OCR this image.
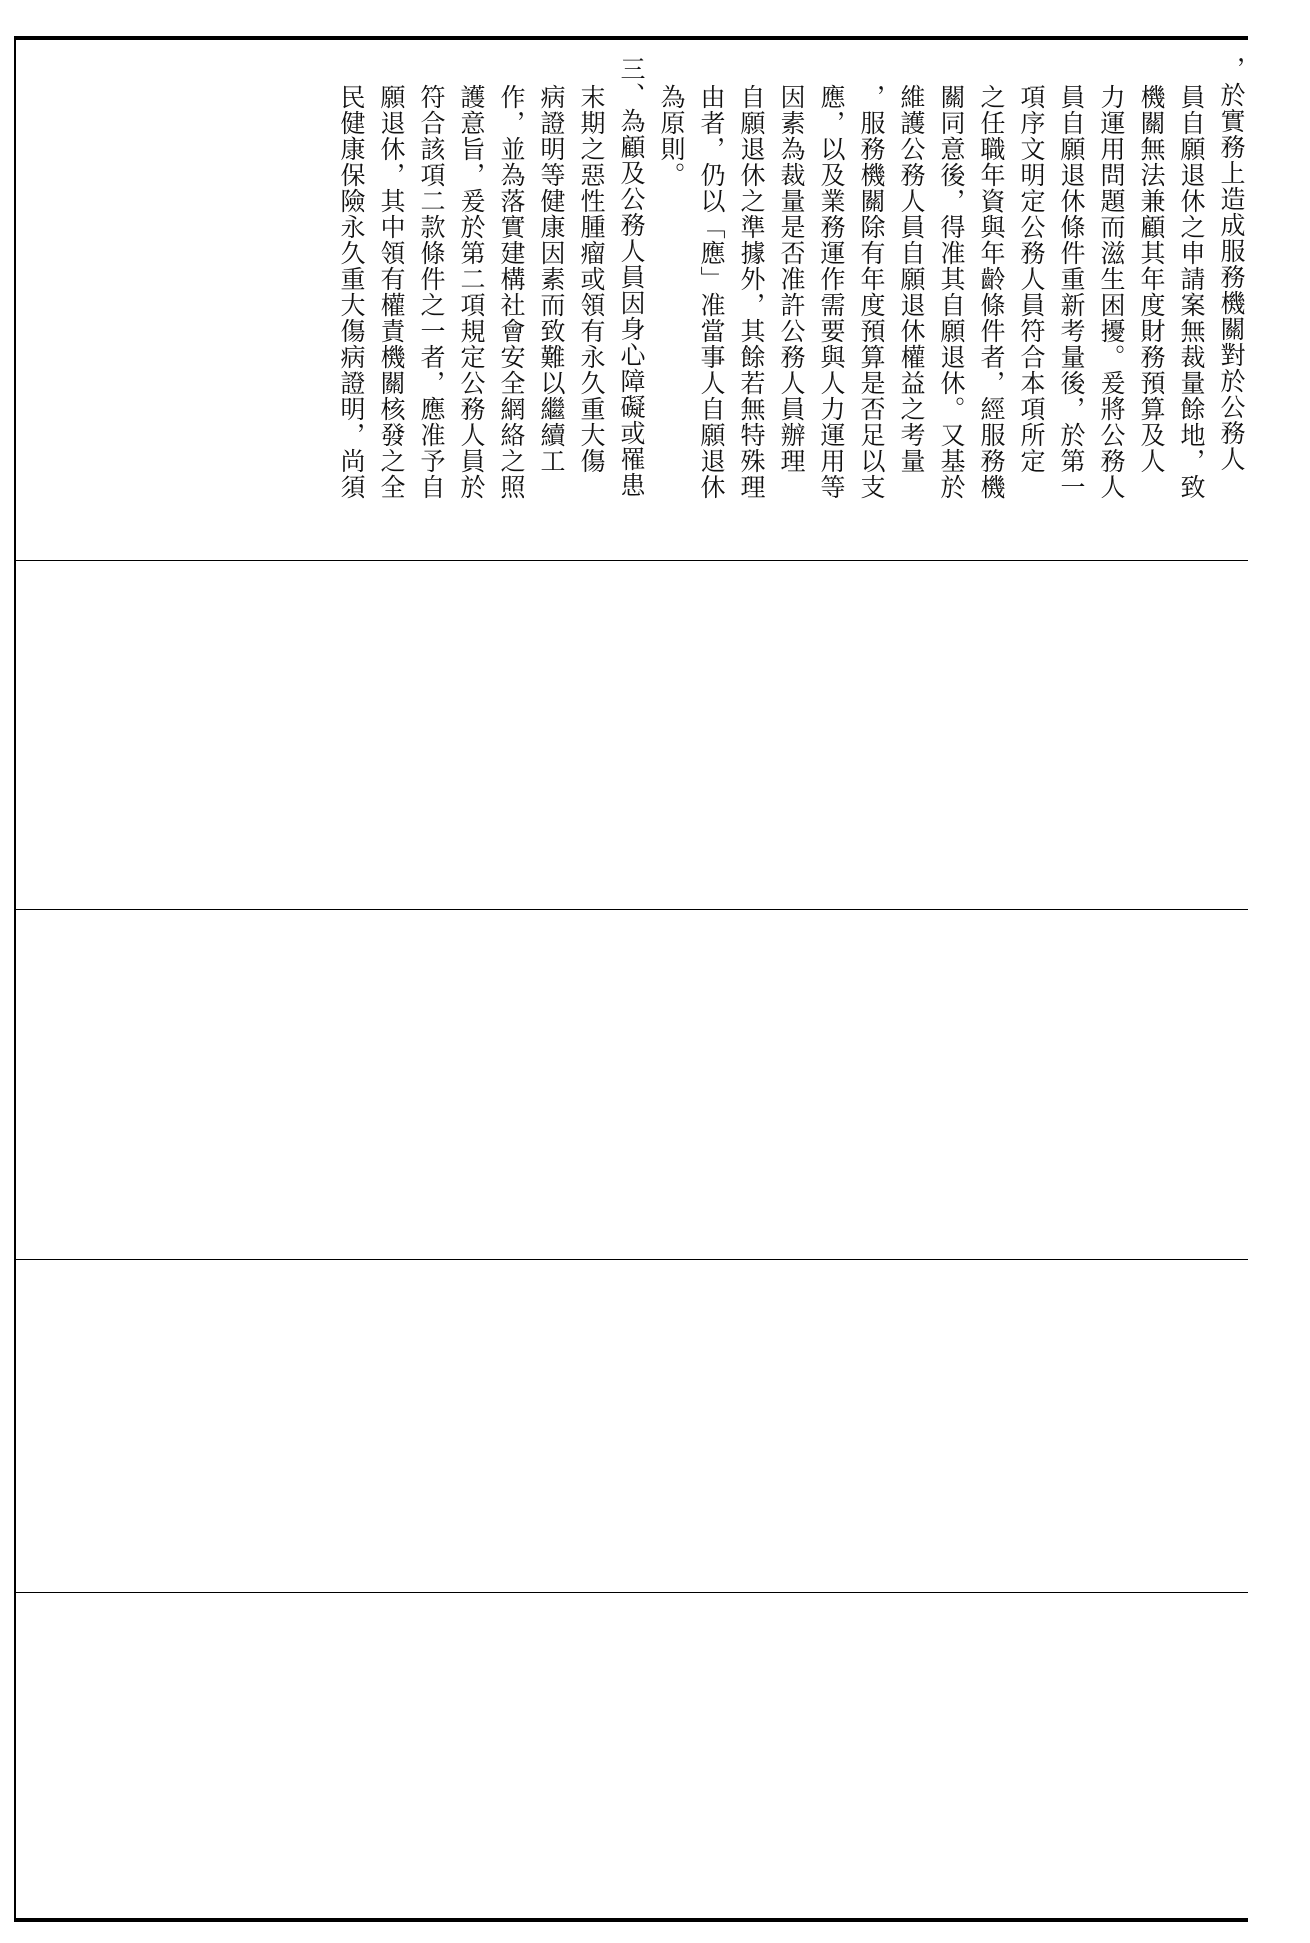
，於實務上造成服務機關對於公務人
員自願退休之申請案無裁量餘地，致
機關無法兼顧其年度財務預算及人
力運用問題而滋生困擾。爰將公務人
員自願退休條件重新考量後，於第一
項序文明定公務人員符合本項所定
之任職年資與年齡條件者，經服務機
關同意後，得准其自願退休。又基於
維護公務人員自願退休權益之考量
，服務機關除有年度預算是否足以支
應，以及業務運作需要與人力運用等
因素為裁量是否准許公務人員辦理
自願退休之準據外，其餘若無特殊理
由者，仍以「應」准當事人自願退休
為原則。
三、為顧及公務人員因身心障礙或罹患
末期之惡性腫瘤或領有永久重大傷
病證明等健康因素而致難以繼續工
作，並為落實建構社會安全網絡之照
護意旨，爰於第二項規定公務人員於
符合該項二款條件之一者，應准予自
願退休，其中領有權責機關核發之全
民健康保險永久重大傷病證明，尚須
